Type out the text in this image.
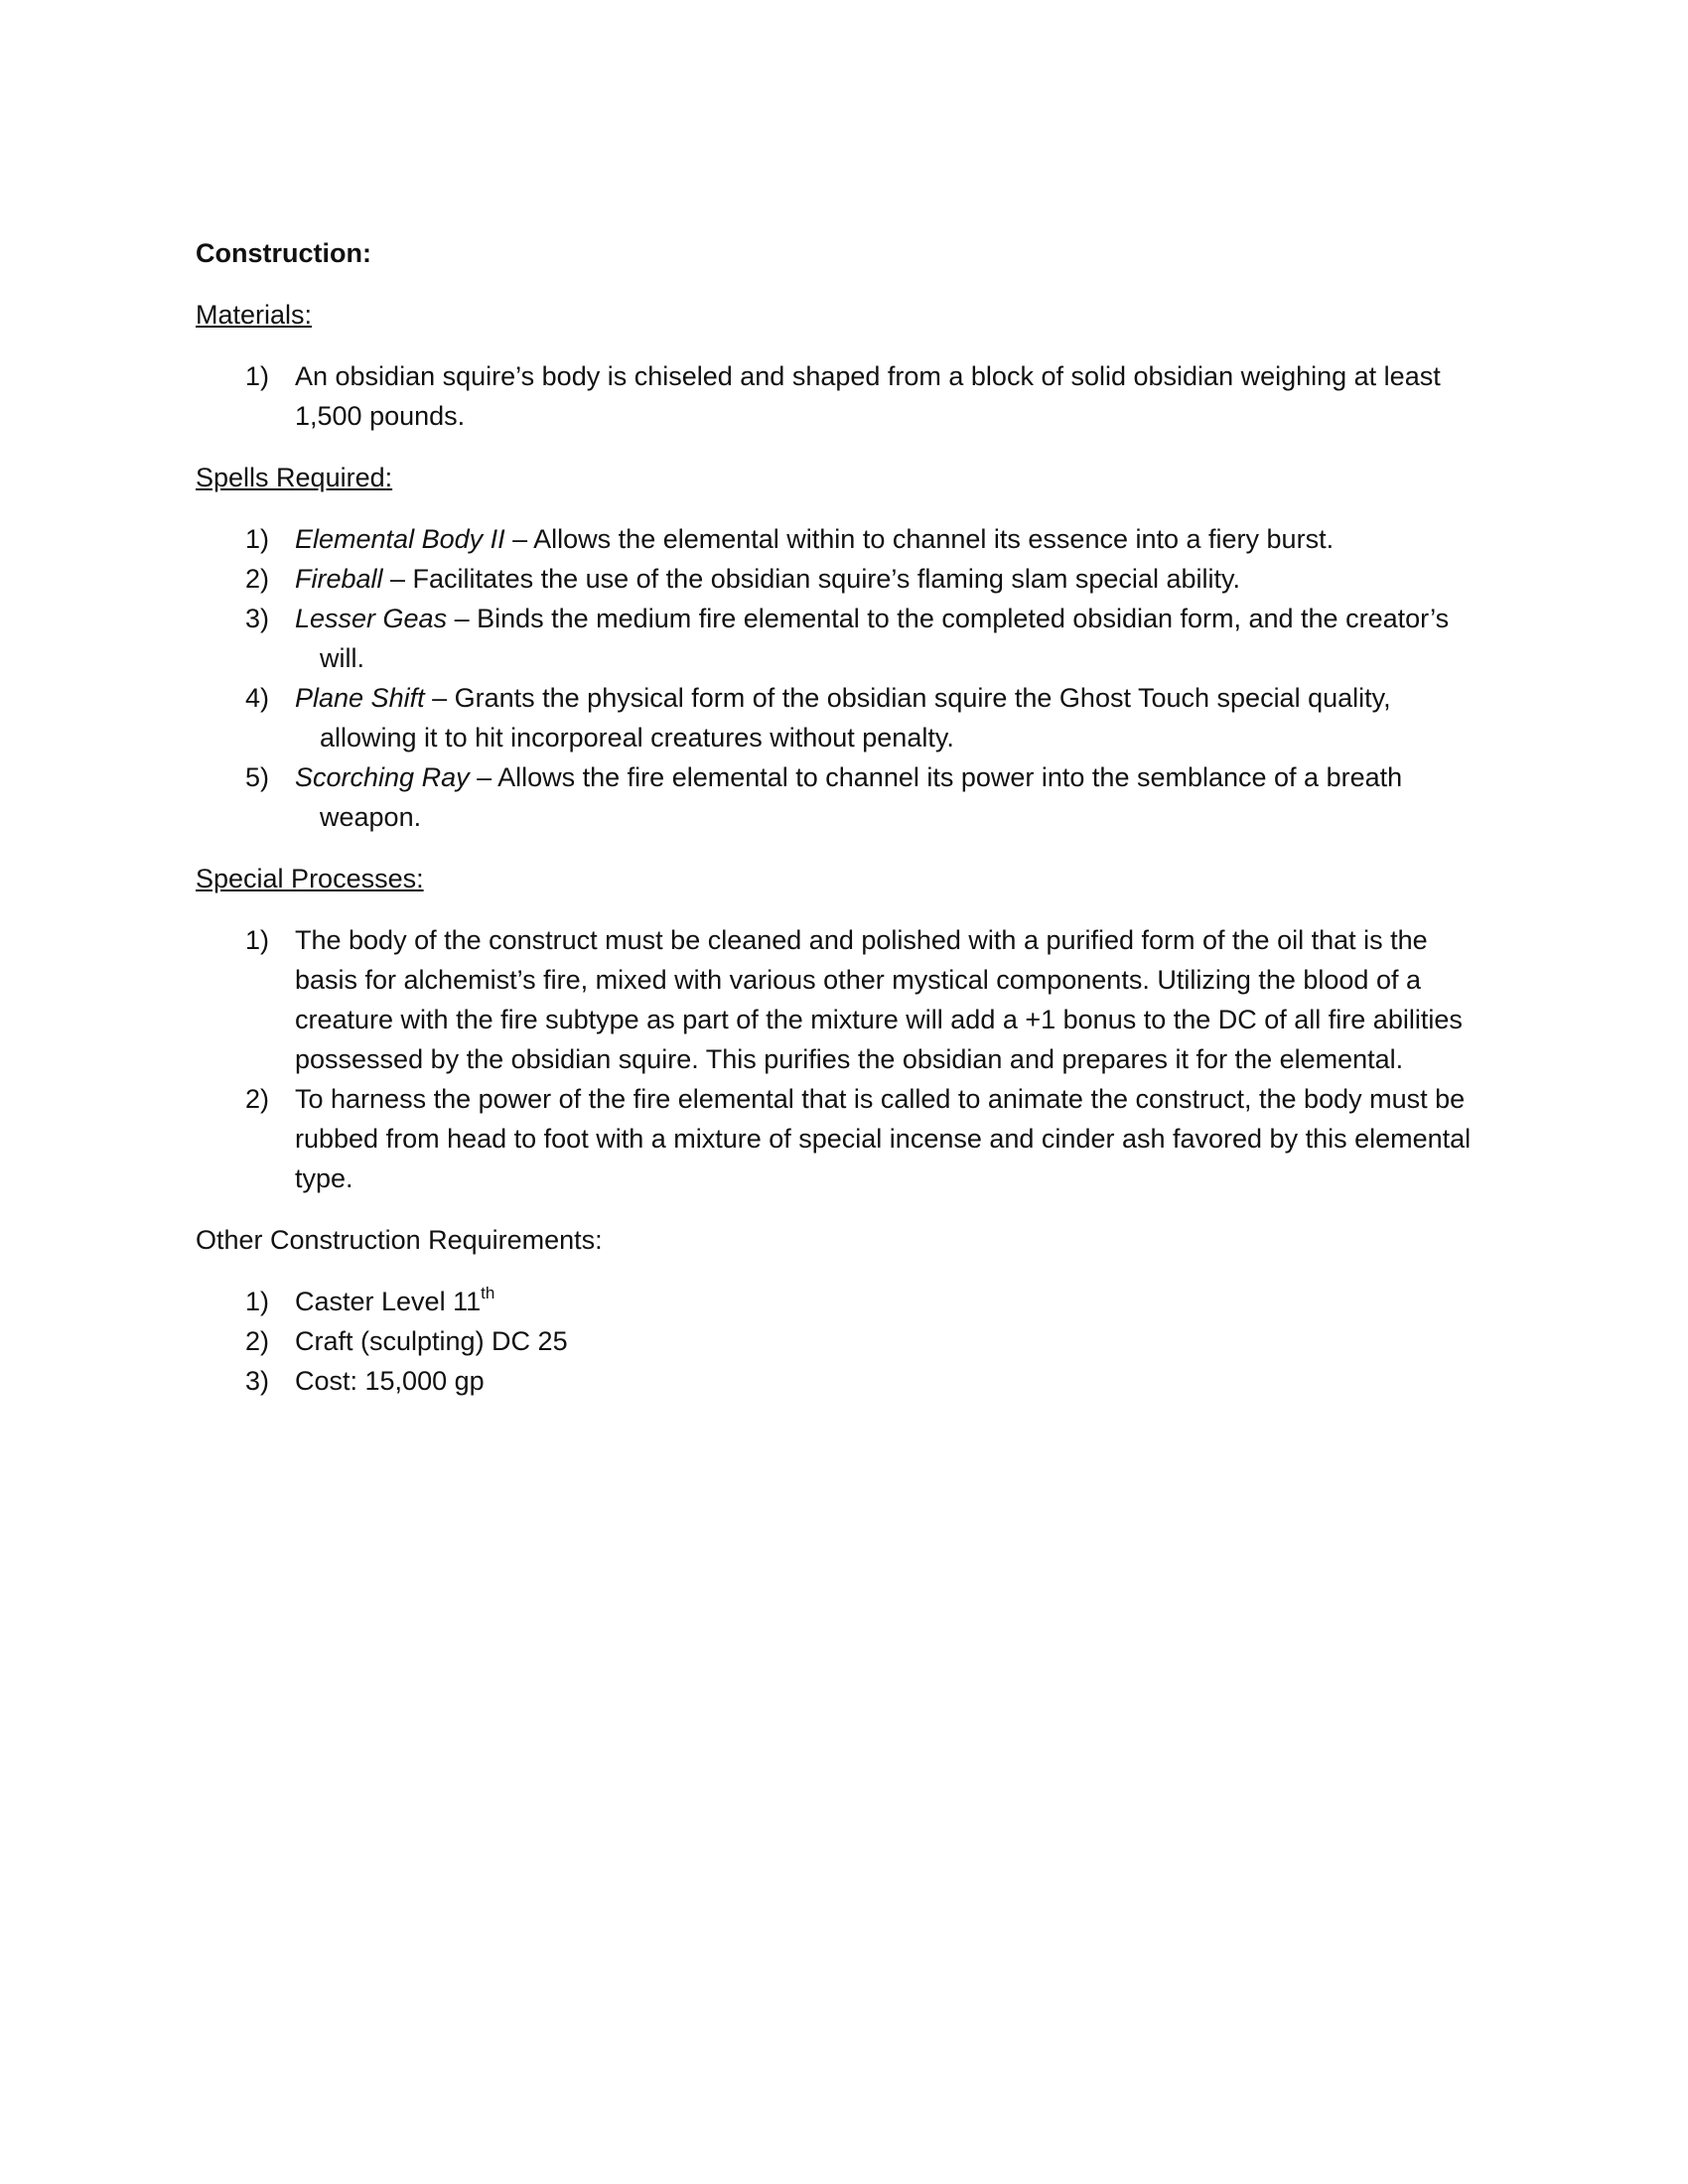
Construction:

Materials:

1) An obsidian squire’s body is chiseled and shaped from a block of solid obsidian weighing at least 1,500 pounds.

Spells Required:

1) Elemental Body II – Allows the elemental within to channel its essence into a fiery burst.
2) Fireball – Facilitates the use of the obsidian squire’s flaming slam special ability.
3) Lesser Geas – Binds the medium fire elemental to the completed obsidian form, and the creator’s will.
4) Plane Shift – Grants the physical form of the obsidian squire the Ghost Touch special quality, allowing it to hit incorporeal creatures without penalty.
5) Scorching Ray – Allows the fire elemental to channel its power into the semblance of a breath weapon.

Special Processes:

1) The body of the construct must be cleaned and polished with a purified form of the oil that is the basis for alchemist’s fire, mixed with various other mystical components. Utilizing the blood of a creature with the fire subtype as part of the mixture will add a +1 bonus to the DC of all fire abilities possessed by the obsidian squire. This purifies the obsidian and prepares it for the elemental.
2) To harness the power of the fire elemental that is called to animate the construct, the body must be rubbed from head to foot with a mixture of special incense and cinder ash favored by this elemental type.

Other Construction Requirements:

1) Caster Level 11th
2) Craft (sculpting) DC 25
3) Cost: 15,000 gp
